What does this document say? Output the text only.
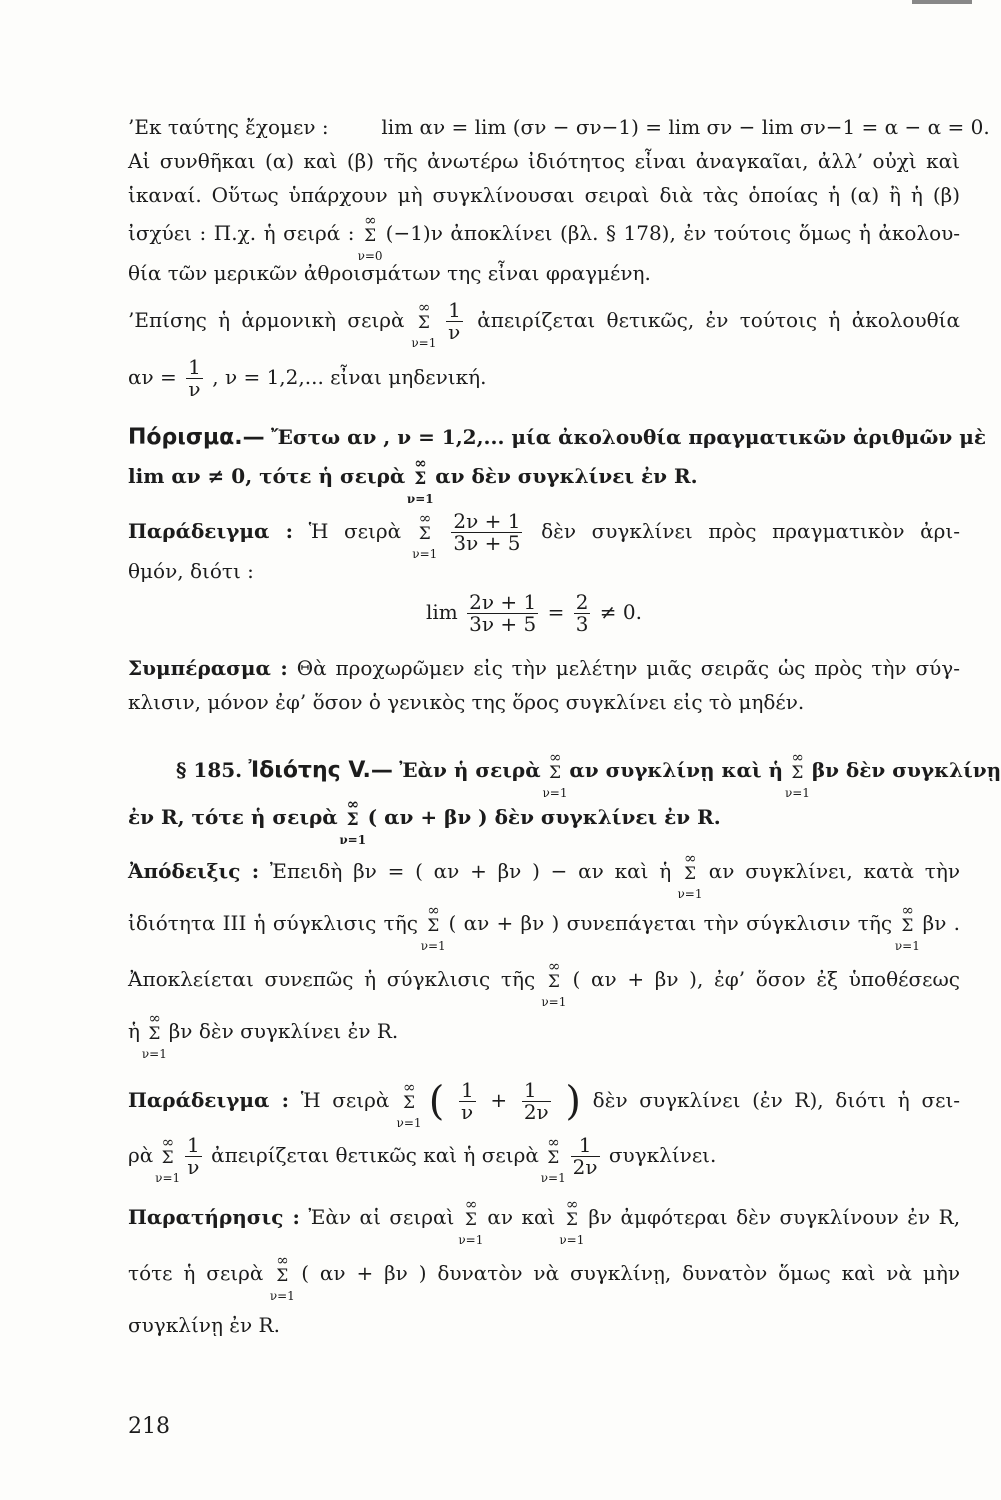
’Εκ ταύτης ἔχομεν :	lim αν = lim (σν − σν−1) = lim σν − lim σν−1 = α − α = 0.
Αἱ συνθῆκαι (α) καὶ (β) τῆς ἀνωτέρω ἰδιότητος εἶναι ἀναγκαῖαι, ἀλλ’ οὐχὶ καὶ
ἱκαναί. Οὕτως ὑπάρχουν μὴ συγκλίνουσαι σειραὶ διὰ τὰς ὁποίας ἡ (α) ἢ ἡ (β)
ἰσχύει : Π.χ. ἡ σειρά :
∞
Σ
ν=0
(−1)ν ἀποκλίνει (βλ. § 178), ἐν τούτοις ὅμως ἡ ἀκολου-
θία τῶν μερικῶν ἀθροισμάτων της εἶναι φραγμένη.
’Επίσης ἡ ἁρμονικὴ σειρὰ
∞
Σ
ν=1
$\frac{1}{\nu}$ ἀπειρίζεται θετικῶς, ἐν τούτοις ἡ ἀκολουθία
$\alpha\nu = \frac{1}{\nu}$ , ν = 1,2,... εἶναι μηδενική.
Πόρισμα.— Ἔστω αν , ν = 1,2,... μία ἀκολουθία πραγματικῶν ἀριθμῶν μὲ
lim αν ≠ 0, τότε ἡ σειρὰ
∞
Σ
ν=1
αν δὲν συγκλίνει ἐν R.
Παράδειγμα : Ἡ σειρὰ
∞
Σ
ν=1
$\frac{2\nu + 1}{3\nu + 5}$ δὲν συγκλίνει πρὸς πραγματικὸν ἀρι-
θμόν, διότι :
$\lim \frac{2\nu + 1}{3\nu + 5} = \frac{2}{3} \ne 0$.
Συμπέρασμα : Θὰ προχωρῶμεν εἰς τὴν μελέτην μιᾶς σειρᾶς ὡς πρὸς τὴν σύγ-
κλισιν, μόνον ἐφ’ ὅσον ὁ γενικὸς της ὅρος συγκλίνει εἰς τὸ μηδέν.
§ 185. Ἰδιότης V.— Ἐὰν ἡ σειρὰ
∞
Σ
ν=1
αν συγκλίνῃ καὶ ἡ
∞
Σ
ν=1
βν δὲν συγκλίνῃ
ἐν R, τότε ἡ σειρὰ
∞
Σ
ν=1
( αν + βν ) δὲν συγκλίνει ἐν R.
Ἀπόδειξις : Ἐπειδὴ βν = ( αν + βν ) − αν καὶ ἡ
∞
Σ
ν=1
αν συγκλίνει, κατὰ τὴν
ἰδιότητα III ἡ σύγκλισις τῆς
∞
Σ
ν=1
( αν + βν ) συνεπάγεται τὴν σύγκλισιν τῆς
∞
Σ
ν=1
βν .
Ἀποκλείεται συνεπῶς ἡ σύγκλισις τῆς
∞
Σ
ν=1
( αν + βν ), ἐφ’ ὅσον ἐξ ὑποθέσεως
ἡ
∞
Σ
ν=1
βν δὲν συγκλίνει ἐν R.
Παράδειγμα : Ἡ σειρὰ
∞
Σ
ν=1 ( $\frac{1}{\nu} + \frac{1}{2\nu}$ ) δὲν συγκλίνει (ἐν R), διότι ἡ σει-
ρὰ
∞
Σ
ν=1
$\frac{1}{\nu}$ ἀπειρίζεται θετικῶς καὶ ἡ σειρὰ
∞
Σ
ν=1
$\frac{1}{2\nu} \sigma\upsilon\gamma\kappa\lambda ί\nu\varepsilon\iota$.
Παρατήρησις : Ἐὰν αἱ σειραὶ
∞
Σ
ν=1
αν καὶ
∞
Σ
ν=1
βν ἀμφότεραι δὲν συγκλίνουν ἐν R,
τότε ἡ σειρὰ
∞
Σ
ν=1
( αν + βν ) δυνατὸν νὰ συγκλίνῃ, δυνατὸν ὅμως καὶ νὰ μὴν
συγκλίνῃ ἐν R.
218
